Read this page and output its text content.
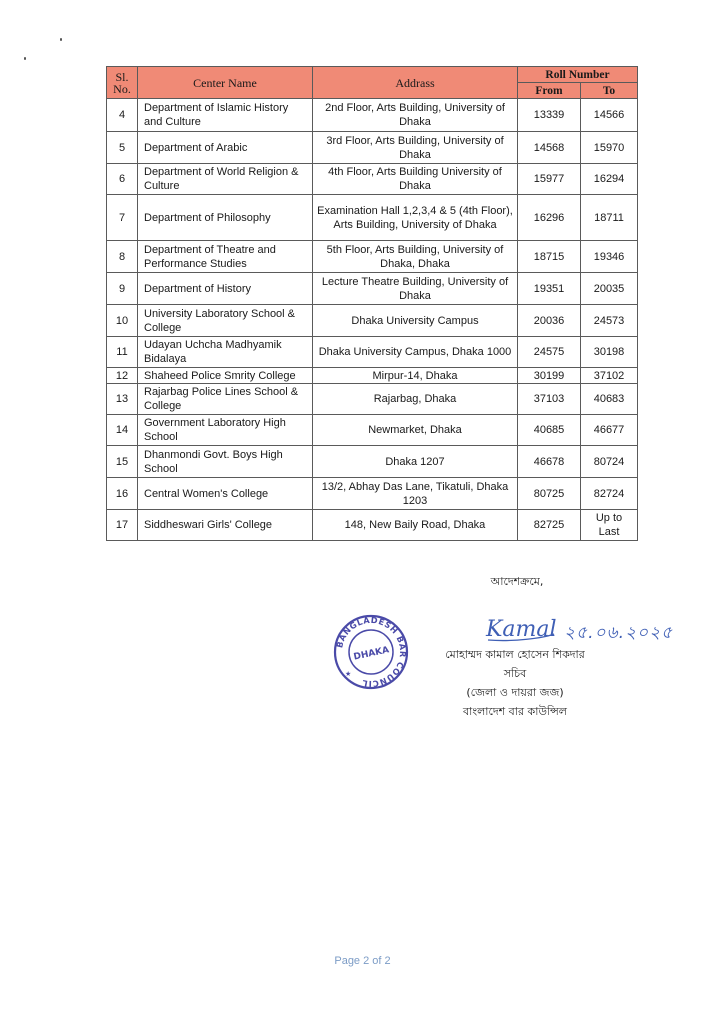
Sl. No.	Center Name	Addrass	Roll Number	
			From	To
4	Department of Islamic History and Culture	2nd Floor, Arts Building, University of Dhaka	13339	14566
5	Department of Arabic	3rd Floor, Arts Building, University of Dhaka	14568	15970
6	Department of World Religion & Culture	4th Floor, Arts Building University of Dhaka	15977	16294
7	Department of Philosophy	Examination Hall 1,2,3,4 & 5 (4th Floor), Arts Building, University of Dhaka	16296	18711
8	Department of Theatre and Performance Studies	5th Floor, Arts Building, University of Dhaka, Dhaka	18715	19346
9	Department of History	Lecture Theatre Building, University of Dhaka	19351	20035
10	University Laboratory School & College	Dhaka University Campus	20036	24573
11	Udayan Uchcha Madhyamik Bidalaya	Dhaka University Campus, Dhaka 1000	24575	30198
12	Shaheed Police Smrity College	Mirpur-14, Dhaka	30199	37102
13	Rajarbag Police Lines School & College	Rajarbag, Dhaka	37103	40683
14	Government Laboratory High School	Newmarket, Dhaka	40685	46677
15	Dhanmondi Govt. Boys High School	Dhaka 1207	46678	80724
16	Central Women's College	13/2, Abhay Das Lane, Tikatuli, Dhaka 1203	80725	82724
17	Siddheswari Girls' College	148, New Baily Road, Dhaka	82725	Up to Last
আদেশক্রমে,
BANGLADESH BAR COUNCIL
DHAKA
★
Kamal ২৫.০৬.২০২৫
মোহাম্মদ কামাল হোসেন শিকদার
সচিব
(জেলা ও দায়রা জজ)
বাংলাদেশ বার কাউন্সিল
Page 2 of 2
